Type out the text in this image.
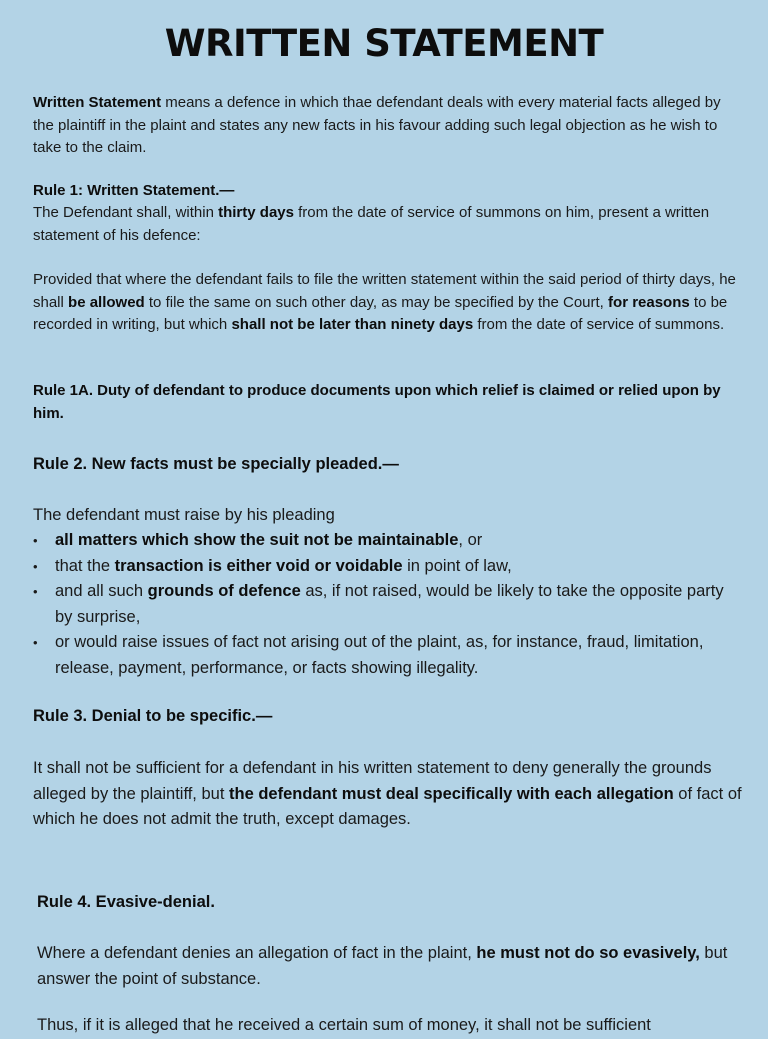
WRITTEN STATEMENT

Written Statement means a defence in which thae defendant deals with every material facts alleged by the plaintiff in the plaint and states any new facts in his favour adding such legal objection as he wish to take to the claim.

Rule 1: Written Statement.—

The Defendant shall, within thirty days from the date of service of summons on him, present a written statement of his defence:

Provided that where the defendant fails to file the written statement within the said period of thirty days, he shall be allowed to file the same on such other day, as may be specified by the Court, for reasons to be recorded in writing, but which shall not be later than ninety days from the date of service of summons.

Rule 1A. Duty of defendant to produce documents upon which relief is claimed or relied upon by him.

Rule 2. New facts must be specially pleaded.—

The defendant must raise by his pleading

• all matters which show the suit not be maintainable, or
• that the transaction is either void or voidable in point of law,
• and all such grounds of defence as, if not raised, would be likely to take the opposite party by surprise,
• or would raise issues of fact not arising out of the plaint, as, for instance, fraud, limitation, release, payment, performance, or facts showing illegality.

Rule 3. Denial to be specific.—

It shall not be sufficient for a defendant in his written statement to deny generally the grounds alleged by the plaintiff, but the defendant must deal specifically with each allegation of fact of which he does not admit the truth, except damages.

Rule 4. Evasive-denial.

Where a defendant denies an allegation of fact in the plaint, he must not do so evasively, but answer the point of substance.

Thus, if it is alleged that he received a certain sum of money, it shall not be sufficient
